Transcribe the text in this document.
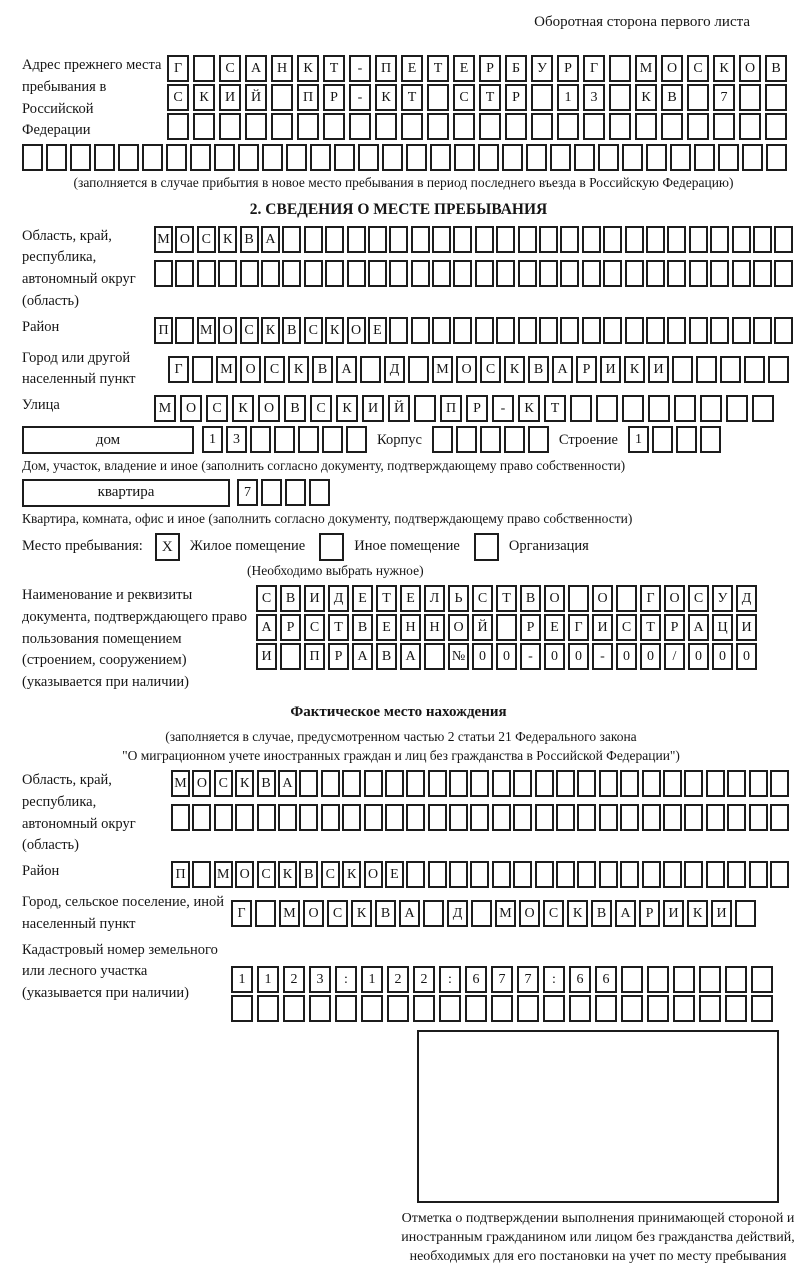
Оборотная сторона первого листа
Адрес прежнего места пребывания в Российской Федерации
Г	С	А	Н	К	Т	-	П	Е	Т	Е	Р	Б	У	Р	Г	М	О	С	К	О	В
С	К	И	Й	П	Р	-	К	Т	С	Т	Р	1	3	К	В	7
(заполняется в случае прибытия в новое место пребывания в период последнего въезда в Российскую Федерацию)
2. СВЕДЕНИЯ О МЕСТЕ ПРЕБЫВАНИЯ
Область, край, республика, автономный округ (область)
М О С К В А
Район	П	М О С К В С К О Е
Город или другой населенный пункт
Г	М О	С	К	В	А	Д	М О	С	К	В	А	Р	И	К	И
Улица	М	О	С	К	О	В	С	К	И	Й	П	Р	-	К	Т
дом	1	3	Корпус	Строение	1
Дом, участок, владение и иное (заполнить согласно документу, подтверждающему право собственности)
квартира	7
Квартира, комната, офис и иное (заполнить согласно документу, подтверждающему право собственности)
Место пребывания:	X	Жилое помещение	Иное помещение	Организация
(Необходимо выбрать нужное)
Наименование и реквизиты документа, подтверждающего право пользования помещением (строением, сооружением) (указывается при наличии)
С	В	И	Д	Е	Т	Е	Л	Ь	С	Т	В	О	О	Г	О	С	У	Д
А	Р	С	Т	В	Е	Н Н О Й	Р	Е	Г	И	С	Т	Р	А Ц И
И	П	Р	А	В	А	№ 0	0	-	0	0	-	0	0	/	0	0	0
Фактическое место нахождения
(заполняется в случае, предусмотренном частью 2 статьи 21 Федерального закона
"О миграционном учете иностранных граждан и лиц без гражданства в Российской Федерации")
Область, край, республика, автономный округ (область)
М О С К В А
Район	П	М О С К В С К О Е
Город, сельское поселение, иной населенный пункт
Г	М О	С	К	В	А	Д	М О	С	К	В	А	Р	И	К	И
Кадастровый номер земельного или лесного участка (указывается при наличии)
1	1	2	3	:	1	2	2	:	6	7	7	:	6	6
Отметка о подтверждении выполнения принимающей стороной и иностранным гражданином или лицом без гражданства действий, необходимых для его постановки на учет по месту пребывания
